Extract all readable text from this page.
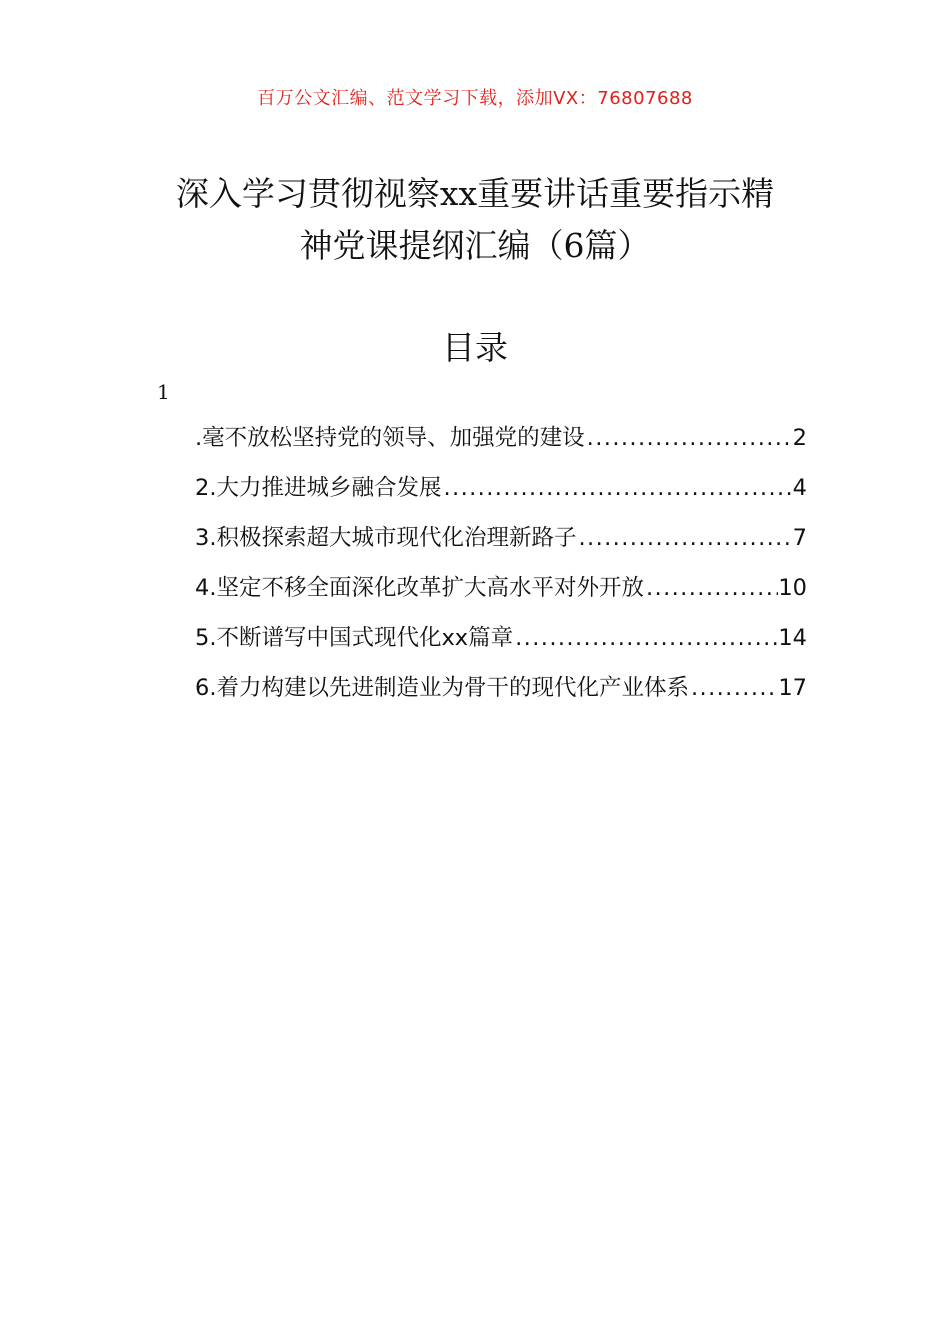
百万公文汇编、范文学习下载，添加VX：76807688
深入学习贯彻视察xx重要讲话重要指示精
神党课提纲汇编（6篇）
目录
1
.毫不放松坚持党的领导、加强党的建设 .....	2
2.大力推进城乡融合发展 .....	4
3.积极探索超大城市现代化治理新路子 .....	7
4.坚定不移全面深化改革扩大高水平对外开放 .....	10
5.不断谱写中国式现代化xx篇章 .....	14
6.着力构建以先进制造业为骨干的现代化产业体系 .....	17
